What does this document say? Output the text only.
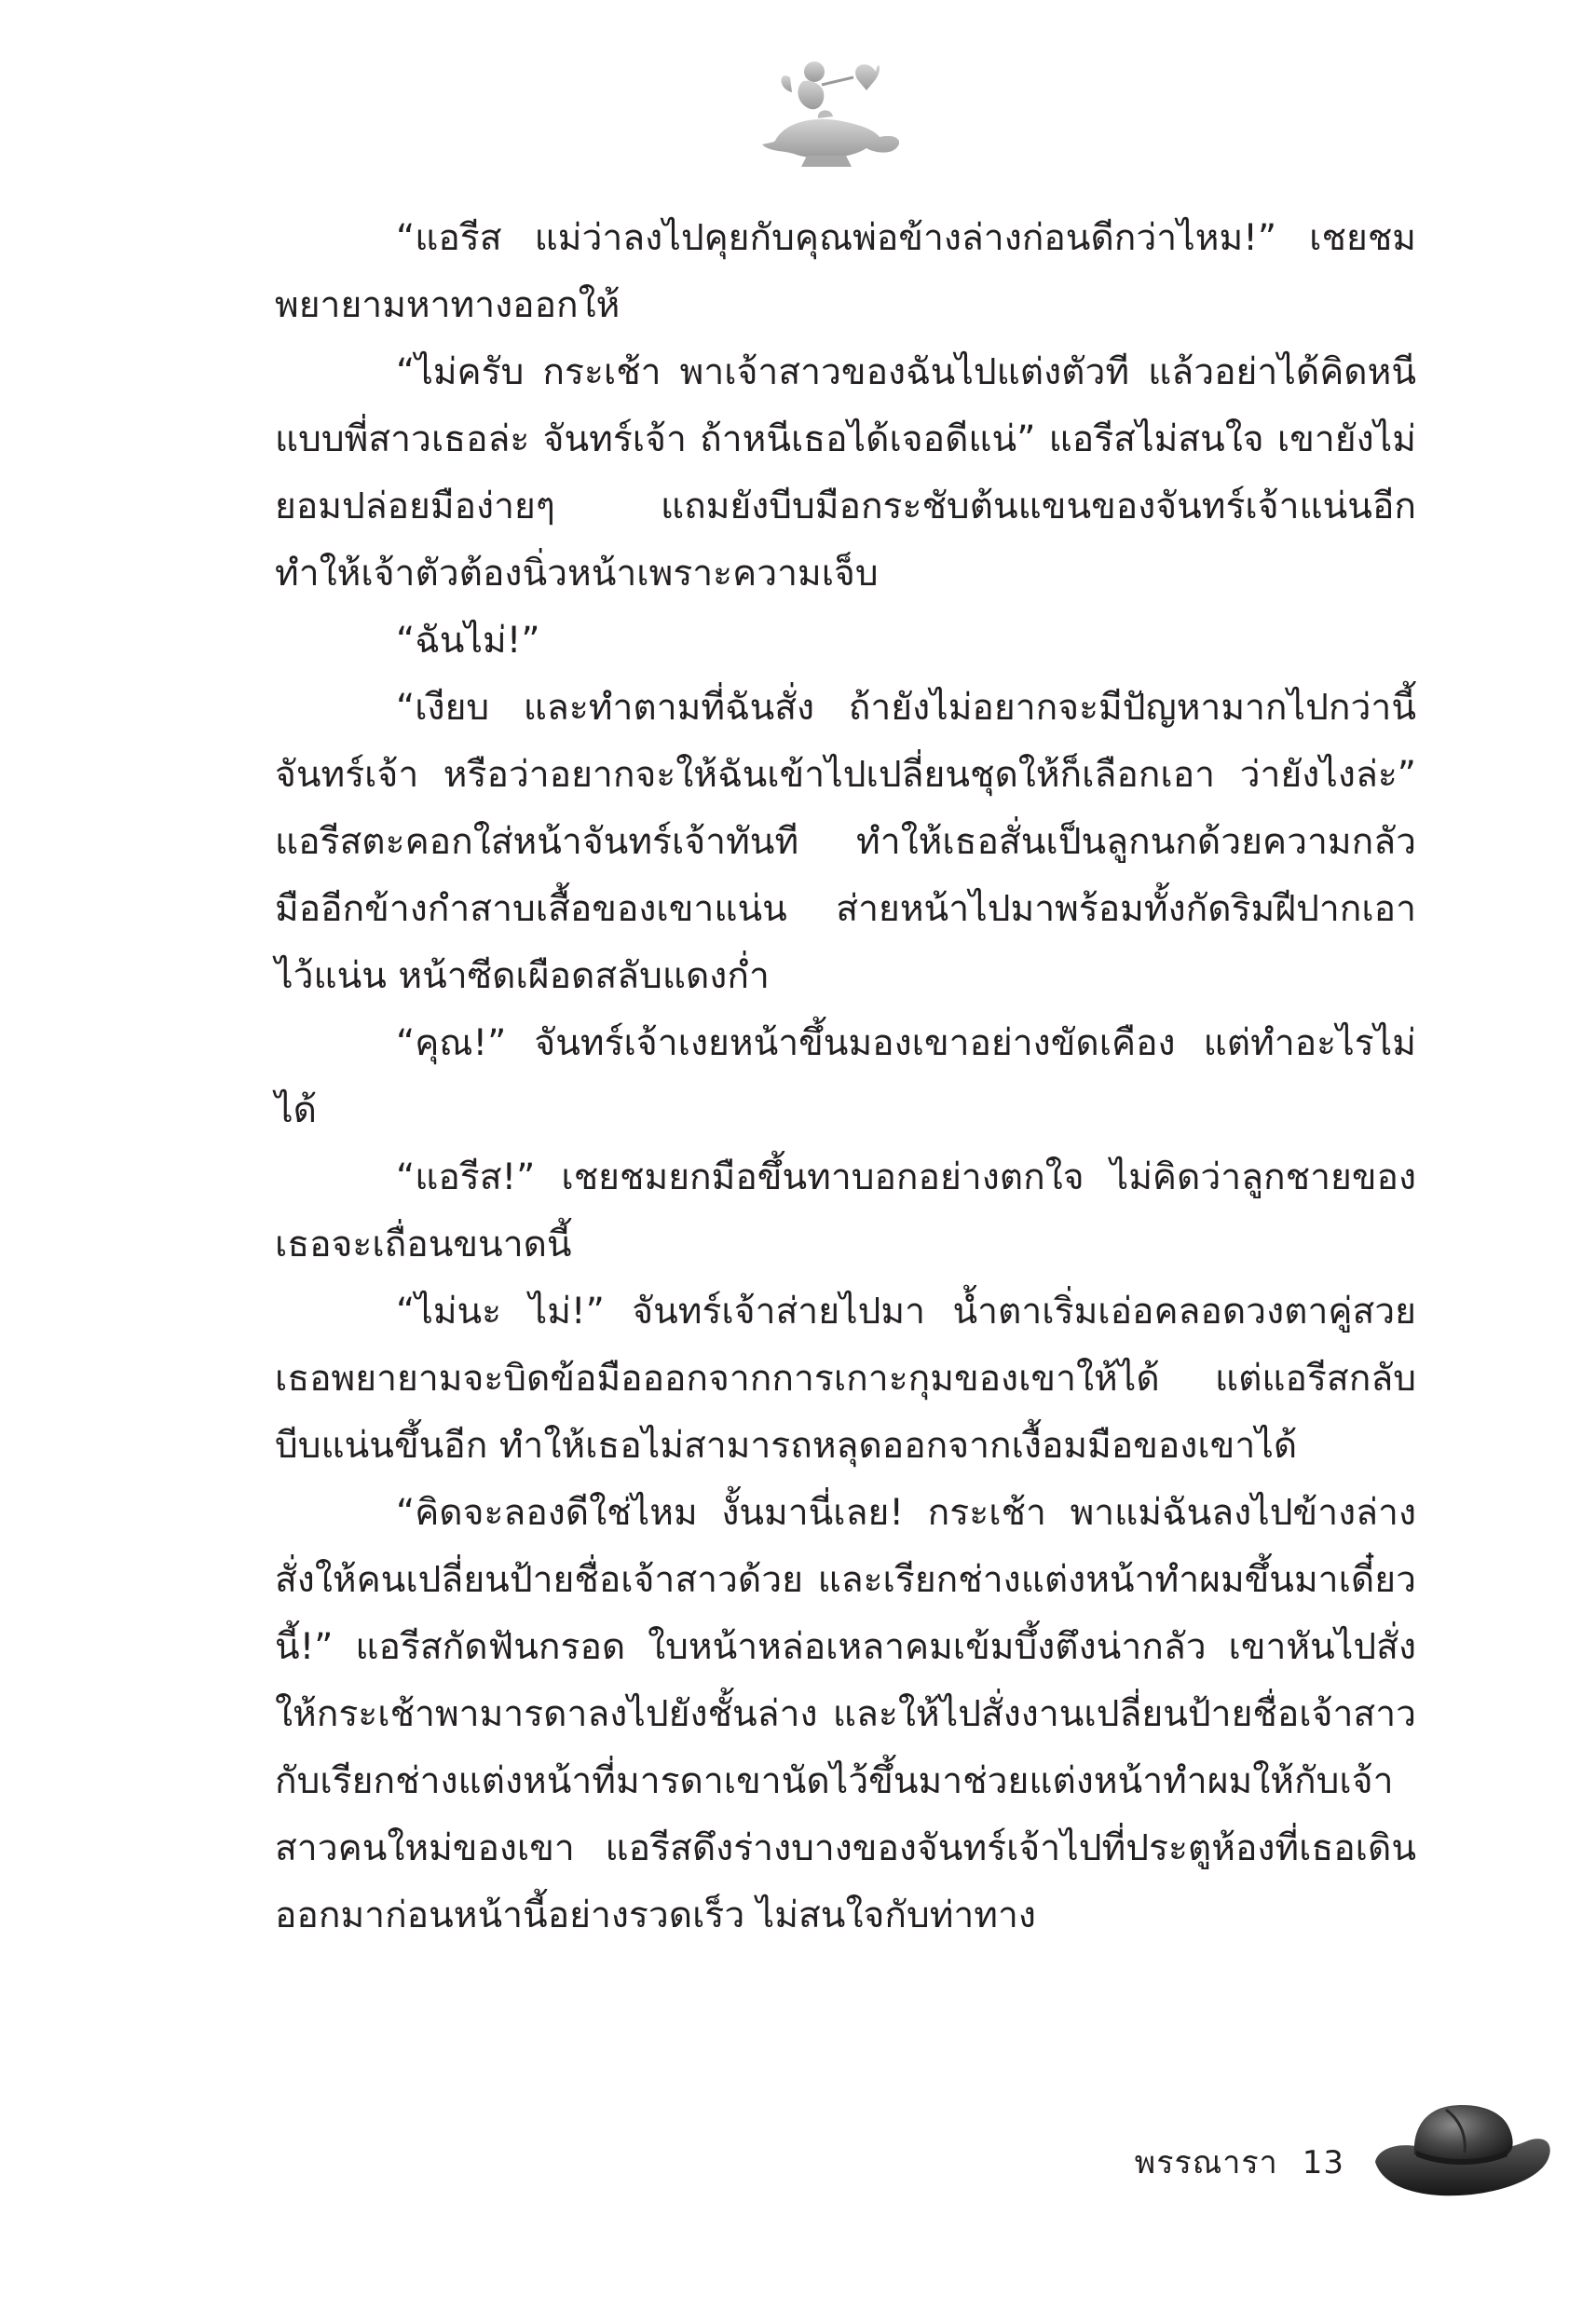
“แอรีส แม่ว่าลงไปคุยกับคุณพ่อข้างล่างก่อนดีกว่าไหม!” เชยชมพยายามหาทางออกให้

“ไม่ครับ กระเช้า พาเจ้าสาวของฉันไปแต่งตัวที แล้วอย่าได้คิดหนีแบบพี่สาวเธอล่ะ จันทร์เจ้า ถ้าหนีเธอได้เจอดีแน่” แอรีสไม่สนใจ เขายังไม่ยอมปล่อยมือง่ายๆ แถมยังบีบมือกระชับต้นแขนของจันทร์เจ้าแน่นอีก ทำให้เจ้าตัวต้องนิ่วหน้าเพราะความเจ็บ

“ฉันไม่!”

“เงียบ และทำตามที่ฉันสั่ง ถ้ายังไม่อยากจะมีปัญหามากไปกว่านี้ จันทร์เจ้า หรือว่าอยากจะให้ฉันเข้าไปเปลี่ยนชุดให้ก็เลือกเอา ว่ายังไงล่ะ” แอรีสตะคอกใส่หน้าจันทร์เจ้าทันที ทำให้เธอสั่นเป็นลูกนกด้วยความกลัว มืออีกข้างกำสาบเสื้อของเขาแน่น ส่ายหน้าไปมาพร้อมทั้งกัดริมฝีปากเอาไว้แน่น หน้าซีดเผือดสลับแดงก่ำ

“คุณ!” จันทร์เจ้าเงยหน้าขึ้นมองเขาอย่างขัดเคือง แต่ทำอะไรไม่ได้

“แอรีส!” เชยชมยกมือขึ้นทาบอกอย่างตกใจ ไม่คิดว่าลูกชายของเธอจะเถื่อนขนาดนี้

“ไม่นะ ไม่!” จันทร์เจ้าส่ายไปมา น้ำตาเริ่มเอ่อคลอดวงตาคู่สวย เธอพยายามจะบิดข้อมือออกจากการเกาะกุมของเขาให้ได้ แต่แอรีสกลับบีบแน่นขึ้นอีก ทำให้เธอไม่สามารถหลุดออกจากเงื้อมมือของเขาได้

“คิดจะลองดีใช่ไหม งั้นมานี่เลย! กระเช้า พาแม่ฉันลงไปข้างล่าง สั่งให้คนเปลี่ยนป้ายชื่อเจ้าสาวด้วย และเรียกช่างแต่งหน้าทำผมขึ้นมาเดี๋ยวนี้!” แอรีสกัดฟันกรอด ใบหน้าหล่อเหลาคมเข้มบึ้งตึงน่ากลัว เขาหันไปสั่งให้กระเช้าพามารดาลงไปยังชั้นล่าง และให้ไปสั่งงานเปลี่ยนป้ายชื่อเจ้าสาว กับเรียกช่างแต่งหน้าที่มารดาเขานัดไว้ขึ้นมาช่วยแต่งหน้าทำผมให้กับเจ้าสาวคนใหม่ของเขา แอรีสดึงร่างบางของจันทร์เจ้าไปที่ประตูห้องที่เธอเดินออกมาก่อนหน้านี้อย่างรวดเร็ว ไม่สนใจกับท่าทาง

พรรณารา 13
